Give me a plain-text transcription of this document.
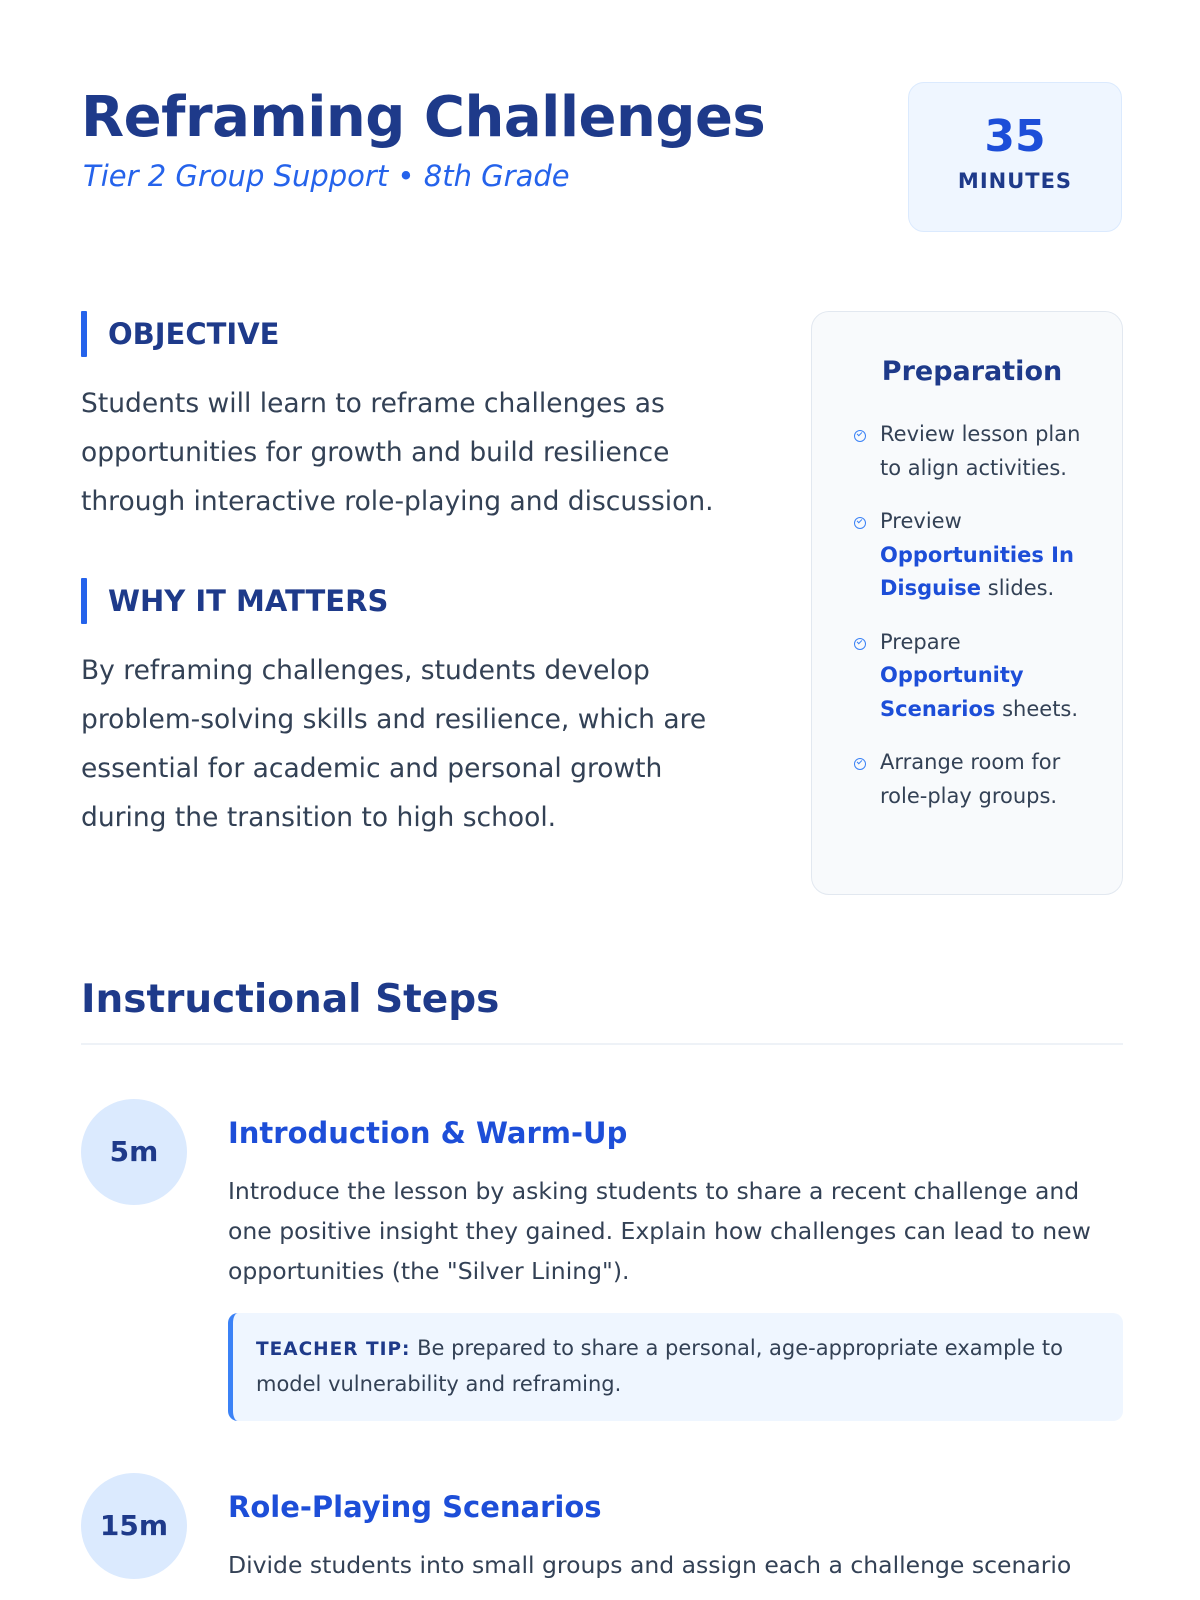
Reframing Challenges

Tier 2 Group Support • 8th Grade

35
MINUTES
OBJECTIVE

Students will learn to reframe challenges as opportunities for growth and build resilience through interactive role-playing and discussion.

WHY IT MATTERS

By reframing challenges, students develop problem-solving skills and resilience, which are essential for academic and personal growth during the transition to high school.

Preparation
Review lesson plan to align activities.
Preview Opportunities In Disguise slides.
Prepare Opportunity Scenarios sheets.
Arrange room for role-play groups.
Instructional Steps
5m
Introduction & Warm-Up

Introduce the lesson by asking students to share a recent challenge and one positive insight they gained. Explain how challenges can lead to new opportunities (the "Silver Lining").

TEACHER TIP: Be prepared to share a personal, age-appropriate example to model vulnerability and reframing.
15m
Role-Playing Scenarios

Divide students into small groups and assign each a challenge scenario
